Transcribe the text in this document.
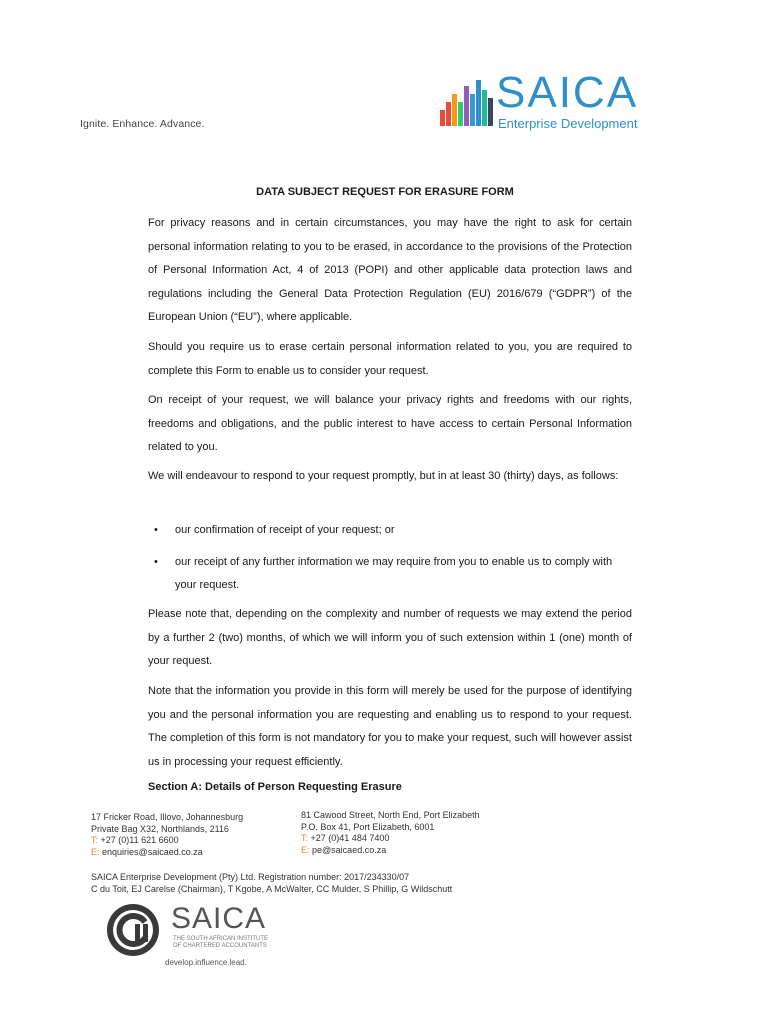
Ignite. Enhance. Advance.
SAICA
Enterprise Development
DATA SUBJECT REQUEST FOR ERASURE FORM
For privacy reasons and in certain circumstances, you may have the right to ask for certain personal information relating to you to be erased, in accordance to the provisions of the Protection of Personal Information Act, 4 of 2013 (POPI) and other applicable data protection laws and regulations including the General Data Protection Regulation (EU) 2016/679 (“GDPR”) of the European Union (“EU”), where applicable.
Should you require us to erase certain personal information related to you, you are required to complete this Form to enable us to consider your request.
On receipt of your request, we will balance your privacy rights and freedoms with our rights, freedoms and obligations, and the public interest to have access to certain Personal Information related to you.
We will endeavour to respond to your request promptly, but in at least 30 (thirty) days, as follows:
• our confirmation of receipt of your request; or
• our receipt of any further information we may require from you to enable us to comply with your request.
Please note that, depending on the complexity and number of requests we may extend the period by a further 2 (two) months, of which we will inform you of such extension within 1 (one) month of your request.
Note that the information you provide in this form will merely be used for the purpose of identifying you and the personal information you are requesting and enabling us to respond to your request. The completion of this form is not mandatory for you to make your request, such will however assist us in processing your request efficiently.
Section A: Details of Person Requesting Erasure
17 Fricker Road, Illovo, Johannesburg
Private Bag X32, Northlands, 2116
T: +27 (0)11 621 6600
E: enquiries@saicaed.co.za
81 Cawood Street, North End, Port Elizabeth
P.O. Box 41, Port Elizabeth, 6001
T: +27 (0)41 484 7400
E: pe@saicaed.co.za
SAICA Enterprise Development (Pty) Ltd. Registration number: 2017/234330/07
C du Toit, EJ Carelse (Chairman), T Kgobe, A McWalter, CC Mulder, S Phillip, G Wildschutt
SAICA
THE SOUTH AFRICAN INSTITUTE
OF CHARTERED ACCOUNTANTS
develop.influence.lead.
